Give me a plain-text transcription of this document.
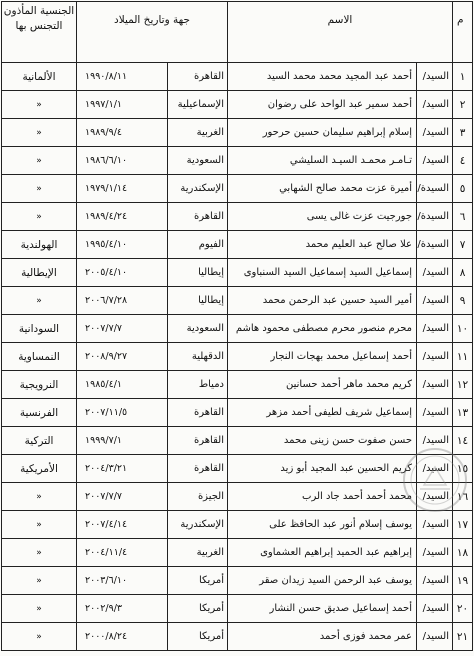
م	الاسم		جهة وتاريخ الميلاد		الجنسية المأذون التجنس بها
١	السيد/	أحمد عبد المجيد محمد محمد السيد	القاهرة	١٩٩٠/٨/١١	الألمانية
٢	السيد/	أحمد سمير عبد الواحد على رضوان	الإسماعيلية	١٩٩٧/١/١	«
٣	السيد/	إسلام إبراهيم سليمان حسين حرحور	الغربية	١٩٨٩/٩/٤	«
٤	السيد/	تـامـر محمـد السيـد السليشي	السعودية	١٩٨٦/٦/١٠	«
٥	السيدة/	أميرة عزت محمد صالح الشهابي	الإسكندرية	١٩٧٩/١/١٤	«
٦	السيدة/	جورجيت عزت غالى يسى	القاهرة	١٩٨٩/٤/٢٤	«
٧	السيدة/	علا صالح عبد العليم محمد	الفيوم	١٩٩٥/٤/١٠	الهولندية
٨	السيد/	إسماعيل السيد إسماعيل السيد السنباوى	إيطاليا	٢٠٠٥/٤/١٠	الإيطالية
٩	السيد/	أمير السيد حسين عبد الرحمن محمد	إيطاليا	٢٠٠٦/٧/٢٨	«
١٠	السيد/	محرم منصور محرم مصطفى محمود هاشم	السعودية	٢٠٠٧/٧/٧	السودانية
١١	السيد/	أحمد إسماعيل محمد بهجات النجار	الدقهلية	٢٠٠٨/٩/٢٧	النمساوية
١٢	السيد/	كريم محمد ماهر أحمد حسانين	دمياط	١٩٨٥/٤/١	النرويجية
١٣	السيد/	إسماعيل شريف لطيفى أحمد مزهر	القاهرة	٢٠٠٧/١١/٥	الفرنسية
١٤	السيد/	حسن صفوت حسن زينى محمد	القاهرة	١٩٩٩/٧/١	التركية
١٥	السيد/	كريم الحسين عبد المجيد أبو زيد	القاهرة	٢٠٠٤/٣/٢١	الأمريكية
١٦	السيد/	محمد أحمد أحمد جاد الرب	الجيزة	٢٠٠٧/٧/٧	«
١٧	السيد/	يوسف إسلام أنور عبد الحافظ على	الإسكندرية	٢٠٠٧/٤/١٤	«
١٨	السيد/	إبراهيم عبد الحميد إبراهيم العشماوى	الغربية	٢٠٠٤/١١/٤	«
١٩	السيد/	يوسف عبد الرحمن السيد زيدان صقر	أمريكا	٢٠٠٣/٦/١٠	«
٢٠	السيد/	أحمد إسماعيل صديق حسن النشار	أمريكا	٢٠٠٢/٩/٣	«
٢١	السيد/	عمر محمد فوزى أحمد	أمريكا	٢٠٠٠/٨/٢٤	«
